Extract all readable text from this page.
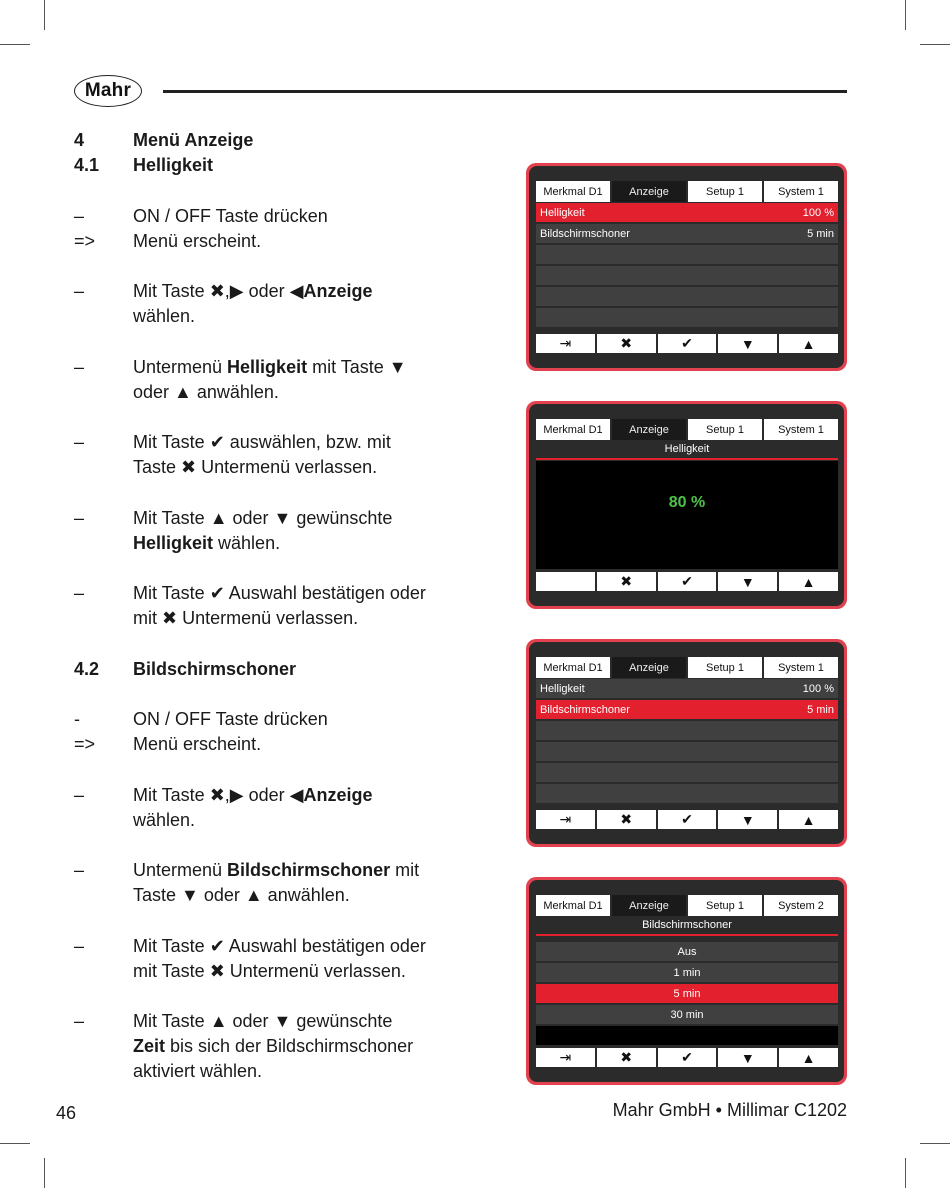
Mahr
4	Menü Anzeige
4.1 Helligkeit
–	ON / OFF Taste drücken
=> Menü erscheint.
–	Mit Taste ✖,▶ oder ◀Anzeige
wählen.
–	Untermenü Helligkeit mit Taste ▼
oder ▲ anwählen.
–	Mit Taste ✔ auswählen, bzw. mit
Taste ✖ Untermenü verlassen.
–	Mit Taste ▲ oder ▼ gewünschte
Helligkeit wählen.
–	Mit Taste ✔ Auswahl bestätigen oder
mit ✖ Untermenü verlassen.
4.2 Bildschirmschoner
-	ON / OFF Taste drücken
=> Menü erscheint.
–	Mit Taste ✖,▶ oder ◀Anzeige
wählen.
–	Untermenü Bildschirmschoner mit
Taste ▼ oder ▲ anwählen.
–	Mit Taste ✔ Auswahl bestätigen oder
mit Taste ✖ Untermenü verlassen.
–	Mit Taste ▲ oder ▼ gewünschte
Zeit bis sich der Bildschirmschoner
aktiviert wählen.
Merkmal D1	Anzeige	Setup 1	System 1
Helligkeit	100 %
Bildschirmschoner	5 min
⇥	✖	✔	▼	▲
Merkmal D1	Anzeige	Setup 1	System 1
Helligkeit
80 %
✖	✔	▼	▲
Merkmal D1	Anzeige	Setup 1	System 1
Helligkeit	100 %
Bildschirmschoner	5 min
⇥	✖	✔	▼	▲
Merkmal D1	Anzeige	Setup 1	System 2
Bildschirmschoner
Aus
1 min
5 min
30 min
⇥	✖	✔	▼	▲
46	Mahr GmbH • Millimar C1202
